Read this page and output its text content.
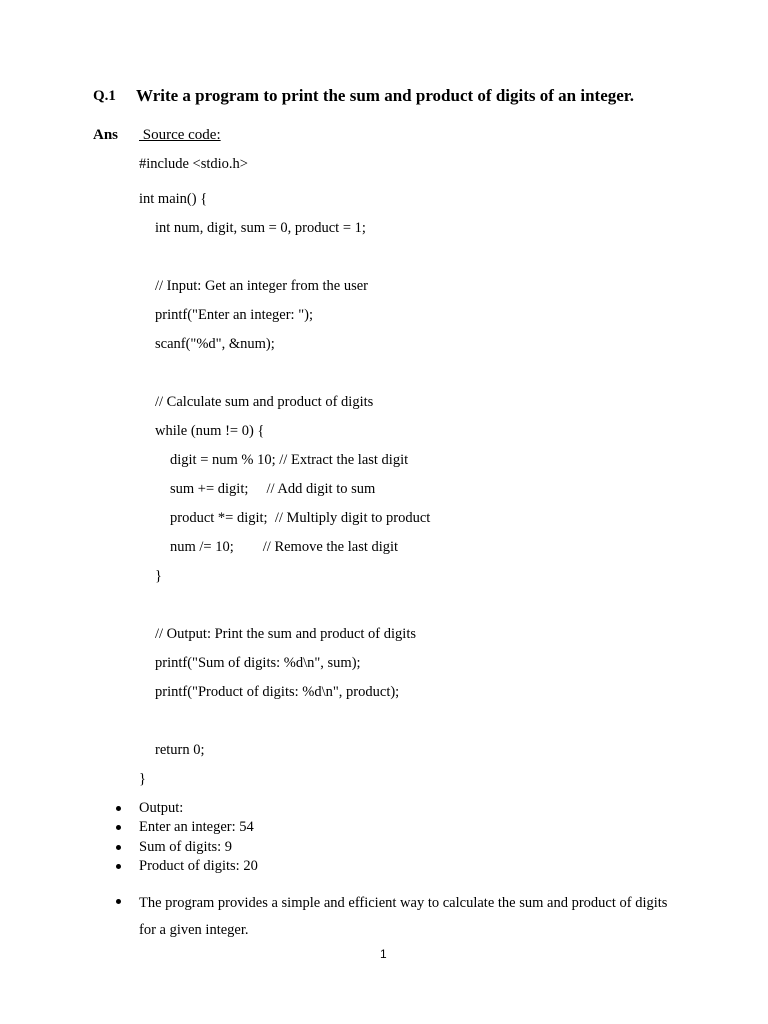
Q.1 Write a program to print the sum and product of digits of an integer.
Ans Source code:
#include <stdio.h>
int main() {
int num, digit, sum = 0, product = 1;
// Input: Get an integer from the user
printf("Enter an integer: ");
scanf("%d", &num);
// Calculate sum and product of digits
while (num != 0) {
digit = num % 10; // Extract the last digit
sum += digit;     // Add digit to sum
product *= digit;  // Multiply digit to product
num /= 10;        // Remove the last digit
}
// Output: Print the sum and product of digits
printf("Sum of digits: %d\n", sum);
printf("Product of digits: %d\n", product);
return 0;
}
Output:
Enter an integer: 54
Sum of digits: 9
Product of digits: 20
The program provides a simple and efficient way to calculate the sum and product of digits for a given integer.
1
